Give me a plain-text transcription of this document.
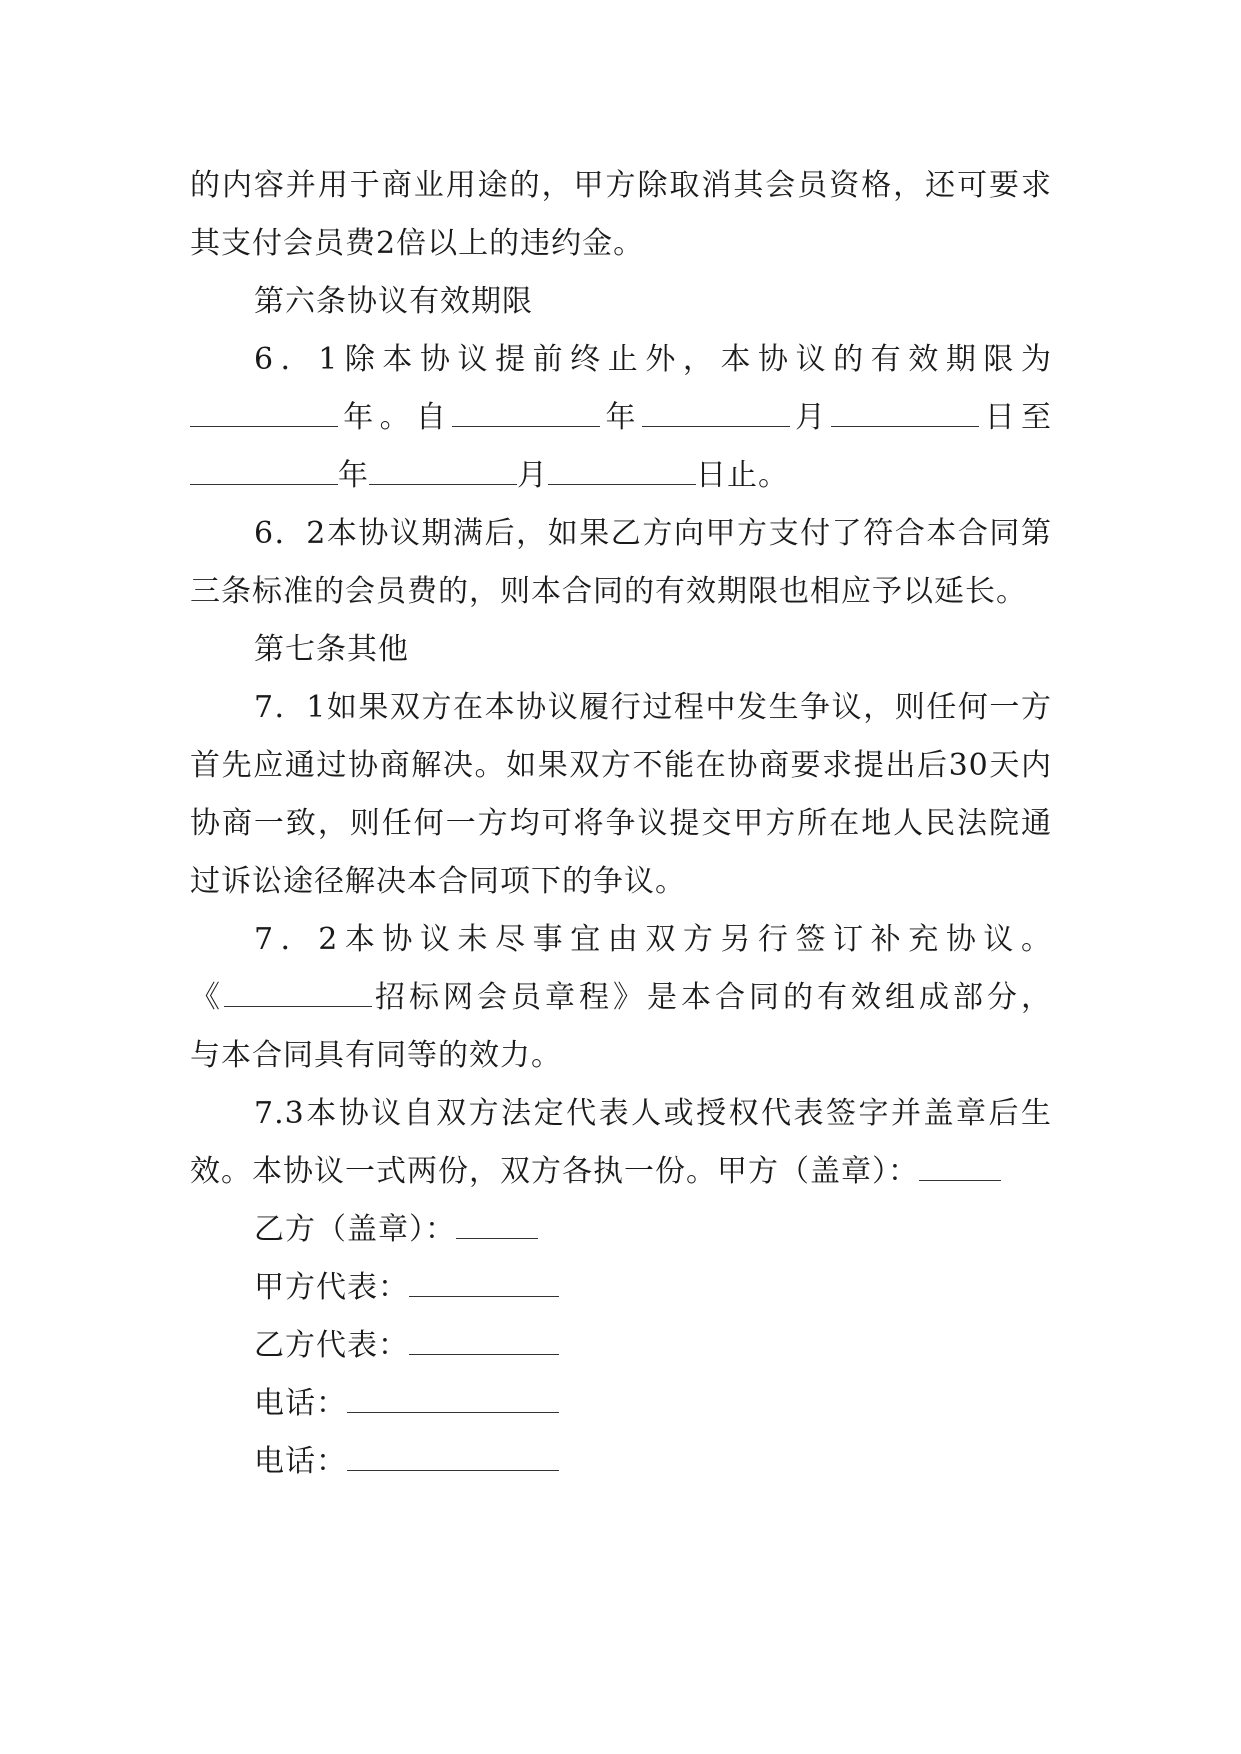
的内容并用于商业用途的，甲方除取消其会员资格，还可要求其支付会员费2倍以上的违约金。

第六条协议有效期限

6．1除本协议提前终止外，本协议的有效期限为

年。自	年	月	日至

年	月	日止。

6．2本协议期满后，如果乙方向甲方支付了符合本合同第三条标准的会员费的，则本合同的有效期限也相应予以延长。

第七条其他

7．1如果双方在本协议履行过程中发生争议，则任何一方首先应通过协商解决。如果双方不能在协商要求提出后30天内协商一致，则任何一方均可将争议提交甲方所在地人民法院通过诉讼途径解决本合同项下的争议。

7．2本协议未尽事宜由双方另行签订补充协议。

《	招标网会员章程》是本合同的有效组成部分，

与本合同具有同等的效力。

7.3本协议自双方法定代表人或授权代表签字并盖章后生效。本协议一式两份，双方各执一份。甲方（盖章）：

乙方（盖章）：

甲方代表：

乙方代表：

电话：

电话：
